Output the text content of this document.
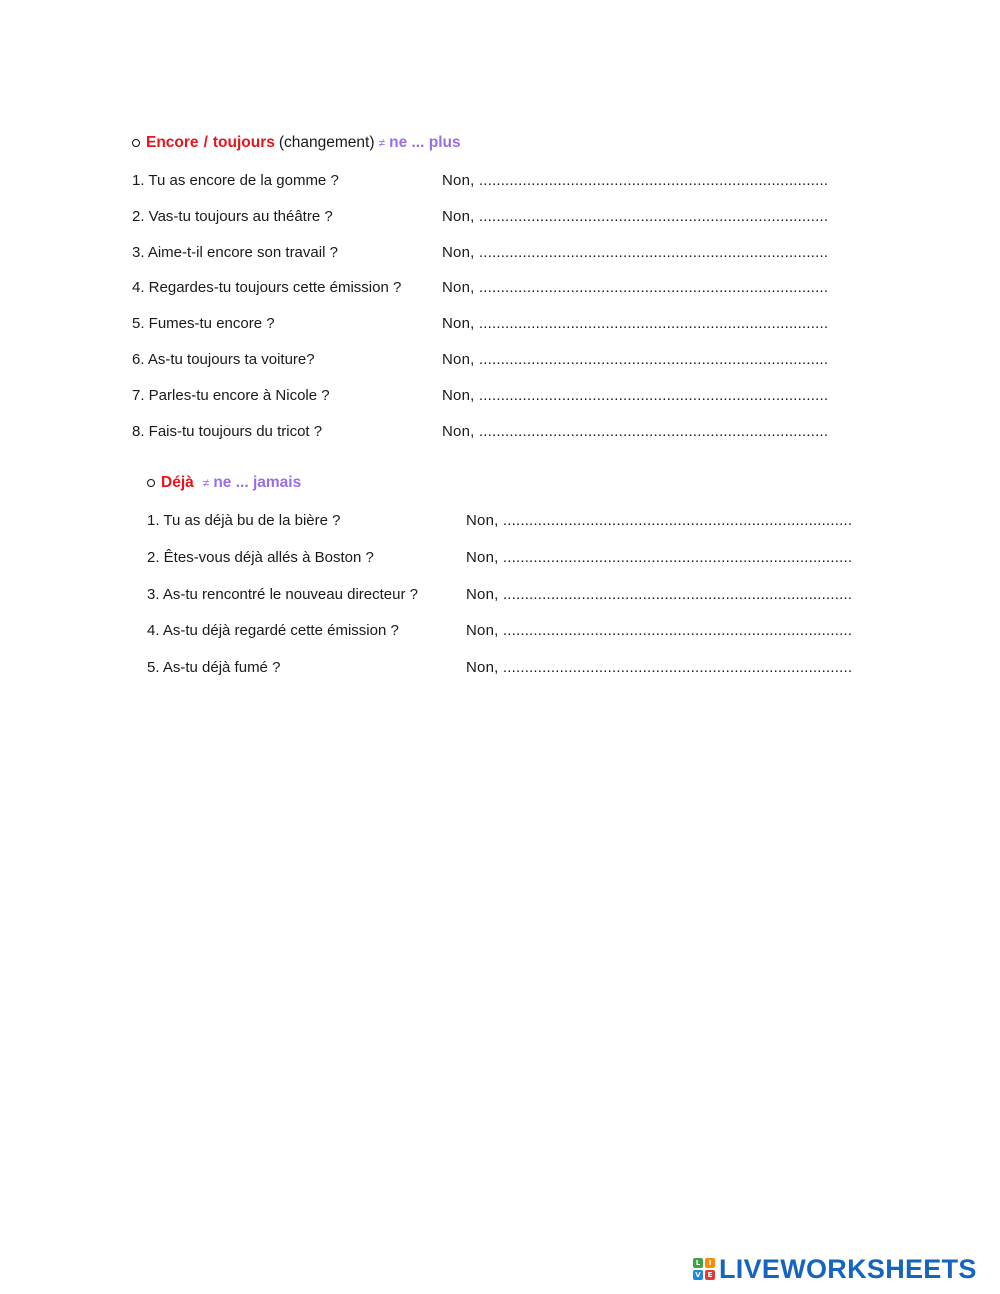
Encore / toujours (changement) ≠ ne ... plus
1. Tu as encore de la gomme ?	Non, ................................................................................
2. Vas-tu toujours au théâtre ?	Non, ................................................................................
3. Aime-t-il encore son travail ?	Non, ................................................................................
4. Regardes-tu toujours cette émission ?	Non, ................................................................................
5. Fumes-tu encore ?	Non, ................................................................................
6. As-tu toujours ta voiture?	Non, ................................................................................
7. Parles-tu encore à Nicole ?	Non, ................................................................................
8. Fais-tu toujours du tricot ?	Non, ................................................................................
Déjà ≠ ne ... jamais
1. Tu as déjà bu de la bière ?	Non, ................................................................................
2. Êtes-vous déjà allés à Boston ?	Non, ................................................................................
3. As-tu rencontré le nouveau directeur ?	Non, ................................................................................
4. As-tu déjà regardé cette émission ?	Non, ................................................................................
5. As-tu déjà fumé ?	Non, ................................................................................
L	I
V E LIVEWORKSHEETS
